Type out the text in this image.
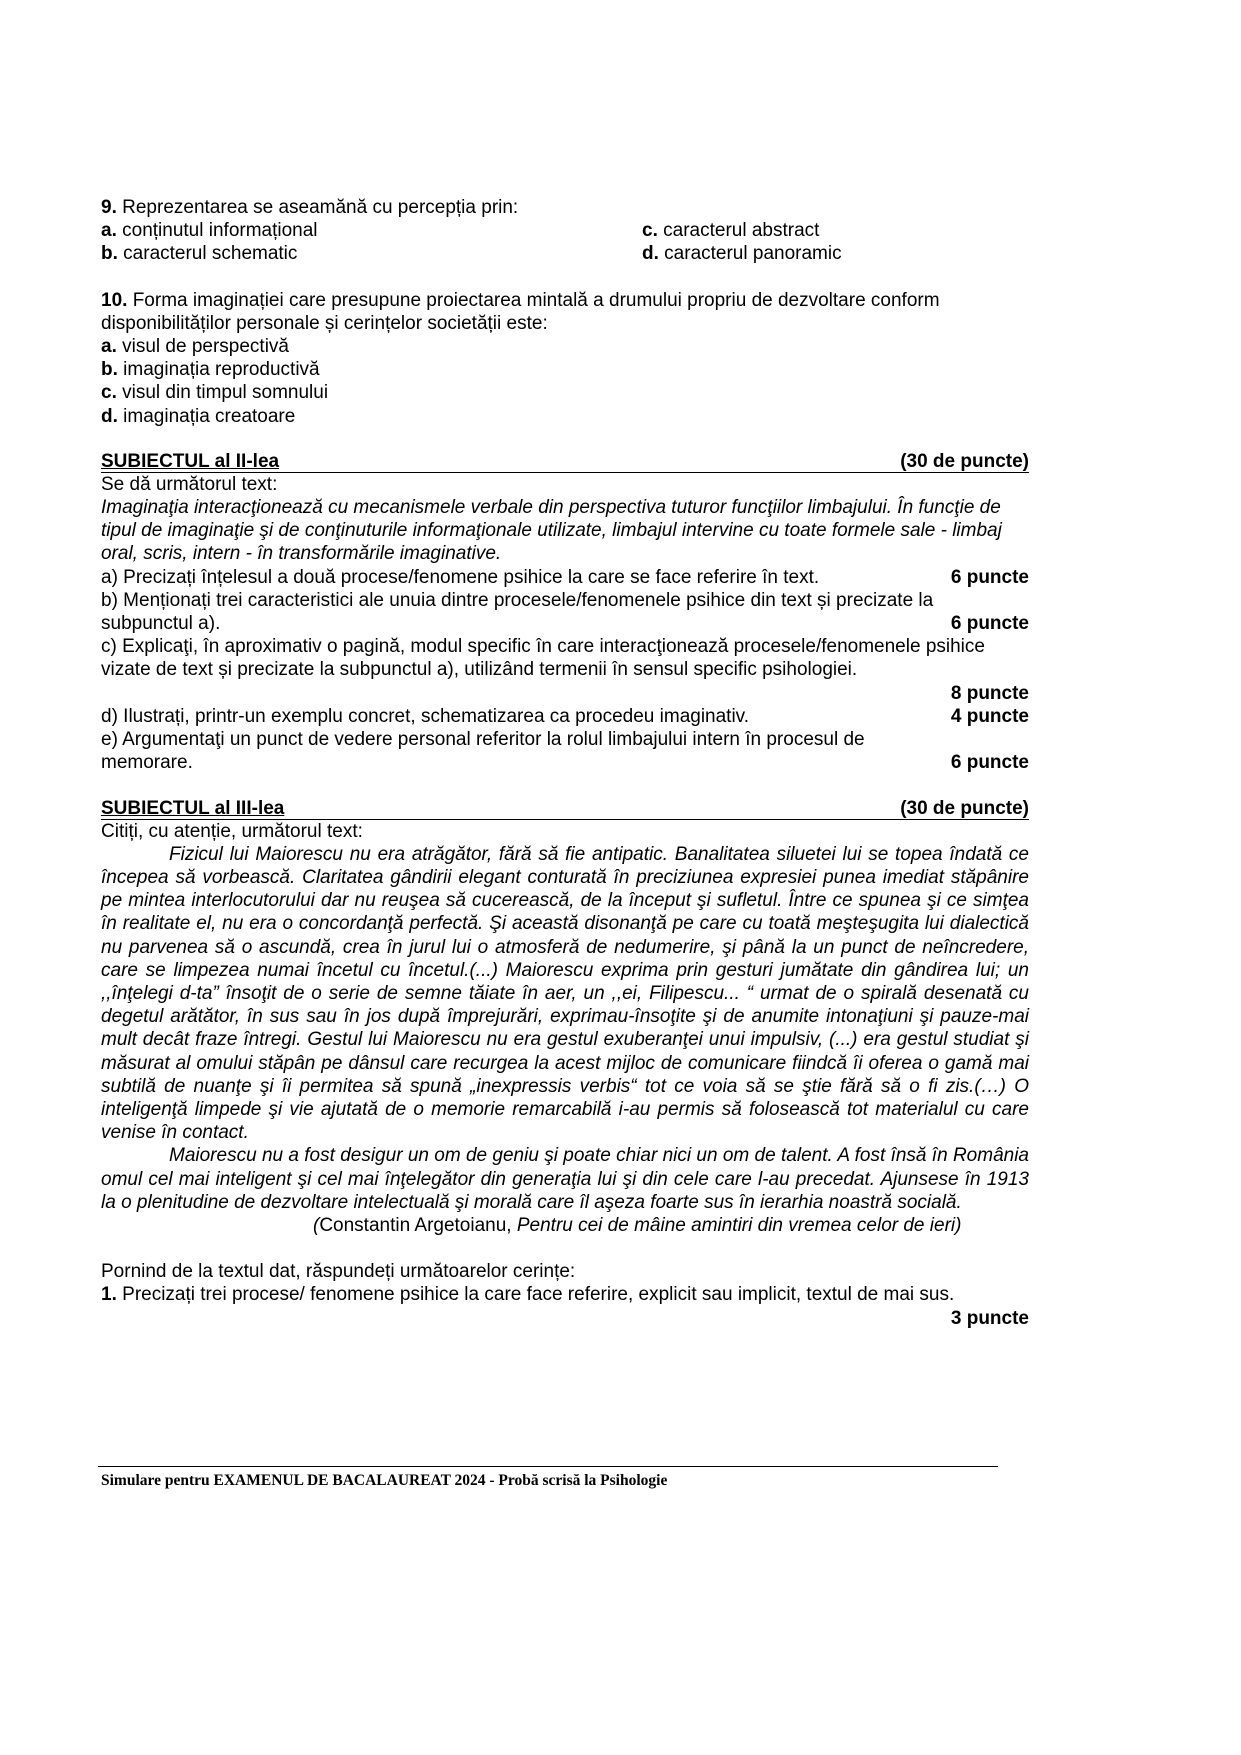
9. Reprezentarea se aseamănă cu percepția prin:
a. conținutul informațional	c. caracterul abstract
b. caracterul schematic	d. caracterul panoramic
10. Forma imaginației care presupune proiectarea mintală a drumului propriu de dezvoltare conform disponibilităților personale și cerințelor societății este:
a. visul de perspectivă
b. imaginația reproductivă
c. visul din timpul somnului
d. imaginația creatoare
SUBIECTUL al II-lea	(30 de puncte)
Se dă următorul text:
Imaginaţia interacţionează cu mecanismele verbale din perspectiva tuturor funcţiilor limbajului. În funcţie de tipul de imaginaţie şi de conţinuturile informaţionale utilizate, limbajul intervine cu toate formele sale - limbaj oral, scris, intern - în transformările imaginative.
a) Precizați înțelesul a două procese/fenomene psihice la care se face referire în text.	6 puncte
b) Menționați trei caracteristici ale unuia dintre procesele/fenomenele psihice din text și precizate la subpunctul a).	6 puncte
c) Explicaţi, în aproximativ o pagină, modul specific în care interacţionează procesele/fenomenele psihice vizate de text și precizate la subpunctul a), utilizând termenii în sensul specific psihologiei.
8 puncte
d) Ilustrați, printr-un exemplu concret, schematizarea ca procedeu imaginativ.	4 puncte
e) Argumentaţi un punct de vedere personal referitor la rolul limbajului intern în procesul de memorare.	6 puncte
SUBIECTUL al III-lea	(30 de puncte)
Citiți, cu atenție, următorul text:
Fizicul lui Maiorescu nu era atrăgător, fără să fie antipatic. Banalitatea siluetei lui se topea îndată ce începea să vorbească. Claritatea gândirii elegant conturată în preciziunea expresiei punea imediat stăpânire pe mintea interlocutorului dar nu reuşea să cucerească, de la început şi sufletul. Între ce spunea şi ce simţea în realitate el, nu era o concordanţă perfectă. Şi această disonanţă pe care cu toată meşteşugita lui dialectică nu parvenea să o ascundă, crea în jurul lui o atmosferă de nedumerire, şi până la un punct de neîncredere, care se limpezea numai încetul cu încetul.(...) Maiorescu exprima prin gesturi jumătate din gândirea lui; un ,,înţelegi d-ta” însoţit de o serie de semne tăiate în aer, un ,,ei, Filipescu... “ urmat de o spirală desenată cu degetul arătător, în sus sau în jos după împrejurări, exprimau-însoţite şi de anumite intonaţiuni şi pauze-mai mult decât fraze întregi. Gestul lui Maiorescu nu era gestul exuberanţei unui impulsiv, (...) era gestul studiat şi măsurat al omului stăpân pe dânsul care recurgea la acest mijloc de comunicare fiindcă îi oferea o gamă mai subtilă de nuanţe şi îi permitea să spună „inexpressis verbis“ tot ce voia să se ştie fără să o fi zis.(…) O inteligenţă limpede şi vie ajutată de o memorie remarcabilă i-au permis să folosească tot materialul cu care venise în contact.
Maiorescu nu a fost desigur un om de geniu şi poate chiar nici un om de talent. A fost însă în România omul cel mai inteligent şi cel mai înţelegător din generaţia lui şi din cele care l-au precedat. Ajunsese în 1913 la o plenitudine de dezvoltare intelectuală şi morală care îl aşeza foarte sus în ierarhia noastră socială.
(Constantin Argetoianu, Pentru cei de mâine amintiri din vremea celor de ieri)
Pornind de la textul dat, răspundeți următoarelor cerințe:
1. Precizați trei procese/ fenomene psihice la care face referire, explicit sau implicit, textul de mai sus.
3 puncte
Simulare pentru EXAMENUL DE BACALAUREAT 2024 - Probă scrisă la Psihologie
